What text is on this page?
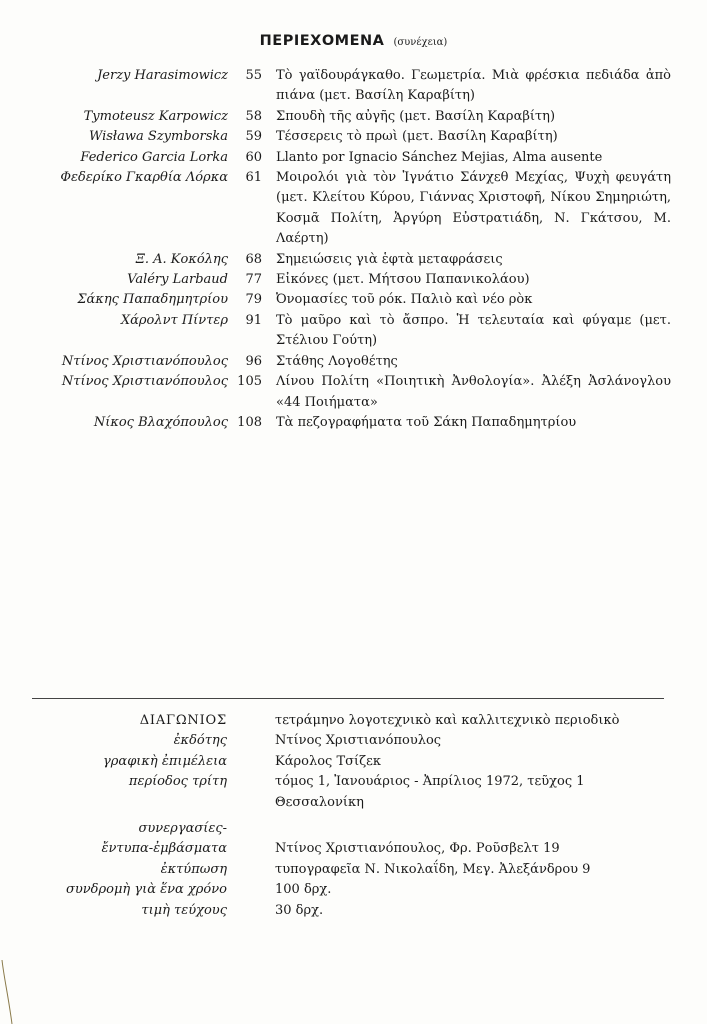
ΠΕΡΙΕΧΟΜΕΝΑ (συνέχεια)
Jerzy Harasimowicz	55 Τὸ γαϊδουράγκαθο. Γεωμετρία. Μιὰ φρέσκια πεδιάδα ἀπὸ πιάνα (μετ. Βασίλη Καραβίτη)
Tymoteusz Karpowicz	58 Σπουδὴ τῆς αὐγῆς (μετ. Βασίλη Καραβίτη)
Wisława Szymborska	59 Τέσσερεις τὸ πρωὶ (μετ. Βασίλη Καραβίτη)
Federico Garcia Lorka	60 Llanto por Ignacio Sánchez Mejias, Alma ausente
Φεδερίκο Γκαρθία Λόρκα	61 Μοιρολόι γιὰ τὸν Ἰγνάτιο Σάνχεθ Μεχίας, Ψυχὴ φευγάτη (μετ. Κλείτου Κύρου, Γιάννας Χριστοφῆ, Νίκου Σημηριώτη, Κοσμᾶ Πολίτη, Ἀργύρη Εὐστρατιάδη, Ν. Γκάτσου, Μ. Λαέρτη)
Ξ. Α. Κοκόλης	68 Σημειώσεις γιὰ ἑφτὰ μεταφράσεις
Valéry Larbaud	77 Εἰκόνες (μετ. Μήτσου Παπανικολάου)
Σάκης Παπαδημητρίου	79 Ὀνομασίες τοῦ ρόκ. Παλιὸ καὶ νέο ρὸκ
Χάρολντ Πίντερ	91 Τὸ μαῦρο καὶ τὸ ἄσπρο. Ἡ τελευταία καὶ φύγαμε (μετ. Στέλιου Γούτη)
Ντίνος Χριστιανόπουλος	96 Στάθης Λογοθέτης
Ντίνος Χριστιανόπουλος 105 Λίνου Πολίτη «Ποιητικὴ Ἀνθολογία». Ἀλέξη Ἀσλάνογλου «44 Ποιήματα»
Νίκος Βλαχόπουλος 108 Τὰ πεζογραφήματα τοῦ Σάκη Παπαδημητρίου
ΔΙΑΓΩΝΙΟΣ	τετράμηνο λογοτεχνικὸ καὶ καλλιτεχνικὸ περιοδικὸ
ἐκδότης	Ντίνος Χριστιανόπουλος
γραφικὴ ἐπιμέλεια	Κάρολος Τσίζεκ
περίοδος τρίτη	τόμος 1, Ἰανουάριος - Ἀπρίλιος 1972, τεῦχος 1
Θεσσαλονίκη
συνεργασίες-
ἔντυπα-ἐμβάσματα	Ντίνος Χριστιανόπουλος, Φρ. Ροῦσβελτ 19
ἐκτύπωση	τυπογραφεῖα Ν. Νικολαΐδη, Μεγ. Ἀλεξάνδρου 9
συνδρομὴ γιὰ ἕνα χρόνο	100 δρχ.
τιμὴ τεύχους	30 δρχ.
